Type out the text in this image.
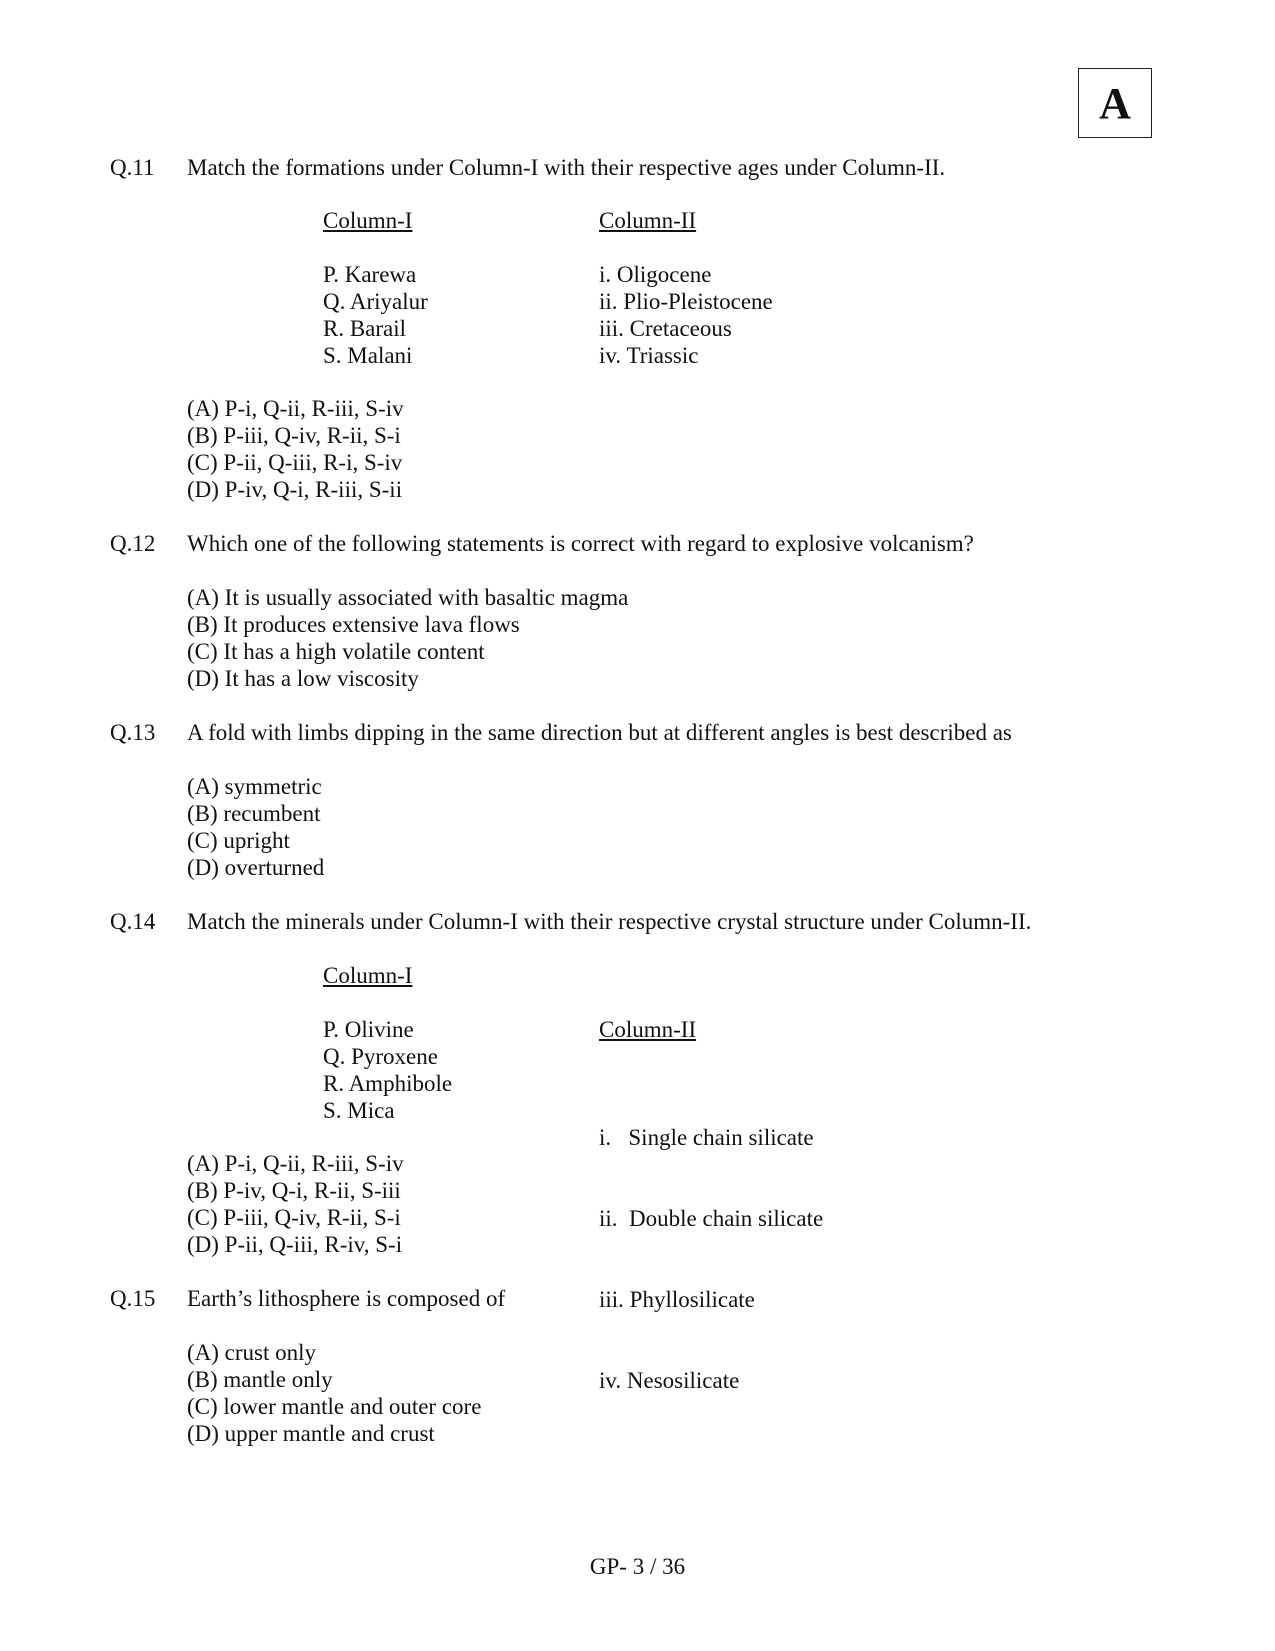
A
Q.11 Match the formations under Column-I with their respective ages under Column-II.
Column-I
P. Karewa
Q. Ariyalur
R. Barail
S. Malani
Column-II
i. Oligocene
ii. Plio-Pleistocene
iii. Cretaceous
iv. Triassic
(A) P-i, Q-ii, R-iii, S-iv
(B) P-iii, Q-iv, R-ii, S-i
(C) P-ii, Q-iii, R-i, S-iv
(D) P-iv, Q-i, R-iii, S-ii
Q.12 Which one of the following statements is correct with regard to explosive volcanism?
(A) It is usually associated with basaltic magma
(B) It produces extensive lava flows
(C) It has a high volatile content
(D) It has a low viscosity
Q.13 A fold with limbs dipping in the same direction but at different angles is best described as
(A) symmetric
(B) recumbent
(C) upright
(D) overturned
Q.14 Match the minerals under Column-I with their respective crystal structure under Column-II.
Column-I
P. Olivine
Q. Pyroxene
R. Amphibole
S. Mica

Column-II

i.   Single chain silicate

ii.  Double chain silicate

iii. Phyllosilicate

iv. Nesosilicate

(A) P-i, Q-ii, R-iii, S-iv
(B) P-iv, Q-i, R-ii, S-iii
(C) P-iii, Q-iv, R-ii, S-i
(D) P-ii, Q-iii, R-iv, S-i
Q.15 Earth’s lithosphere is composed of
(A) crust only
(B) mantle only
(C) lower mantle and outer core
(D) upper mantle and crust
GP- 3 / 36
